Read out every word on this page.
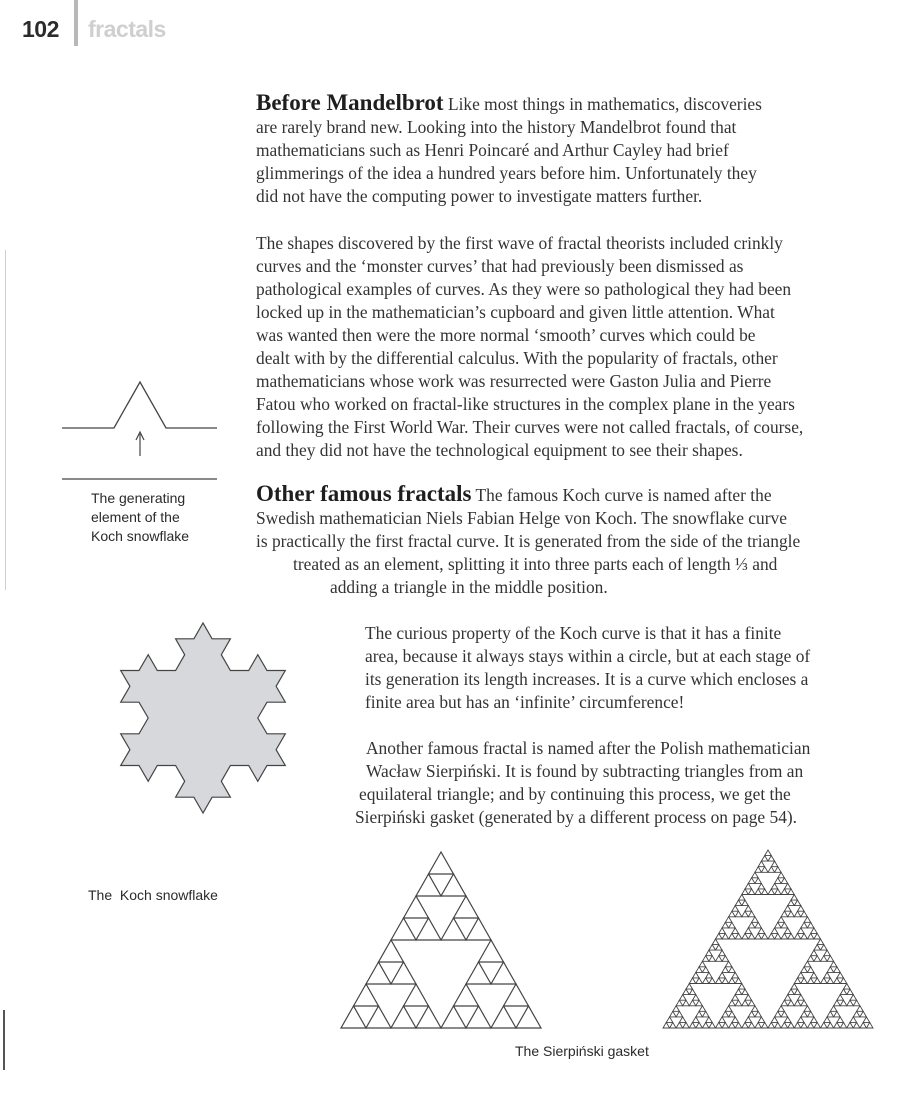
102 fractals

Before Mandelbrot Like most things in mathematics, discoveries
are rarely brand new. Looking into the history Mandelbrot found that
mathematicians such as Henri Poincaré and Arthur Cayley had brief
glimmerings of the idea a hundred years before him. Unfortunately they
did not have the computing power to investigate matters further.

The shapes discovered by the first wave of fractal theorists included crinkly
curves and the ‘monster curves’ that had previously been dismissed as
pathological examples of curves. As they were so pathological they had been
locked up in the mathematician’s cupboard and given little attention. What
was wanted then were the more normal ‘smooth’ curves which could be
dealt with by the differential calculus. With the popularity of fractals, other
mathematicians whose work was resurrected were Gaston Julia and Pierre
Fatou who worked on fractal-like structures in the complex plane in the years
following the First World War. Their curves were not called fractals, of course,
and they did not have the technological equipment to see their shapes.

Other famous fractals The famous Koch curve is named after the
Swedish mathematician Niels Fabian Helge von Koch. The snowflake curve
is practically the first fractal curve. It is generated from the side of the triangle
treated as an element, splitting it into three parts each of length ⅓ and
adding a triangle in the middle position.

The curious property of the Koch curve is that it has a finite
area, because it always stays within a circle, but at each stage of
its generation its length increases. It is a curve which encloses a
finite area but has an ‘infinite’ circumference!

Another famous fractal is named after the Polish mathematician
Wacław Sierpiński. It is found by subtracting triangles from an
equilateral triangle; and by continuing this process, we get the
Sierpiński gasket (generated by a different process on page 54).

The generating
element of the
Koch snowflake

The  Koch snowflake

The Sierpiński gasket
